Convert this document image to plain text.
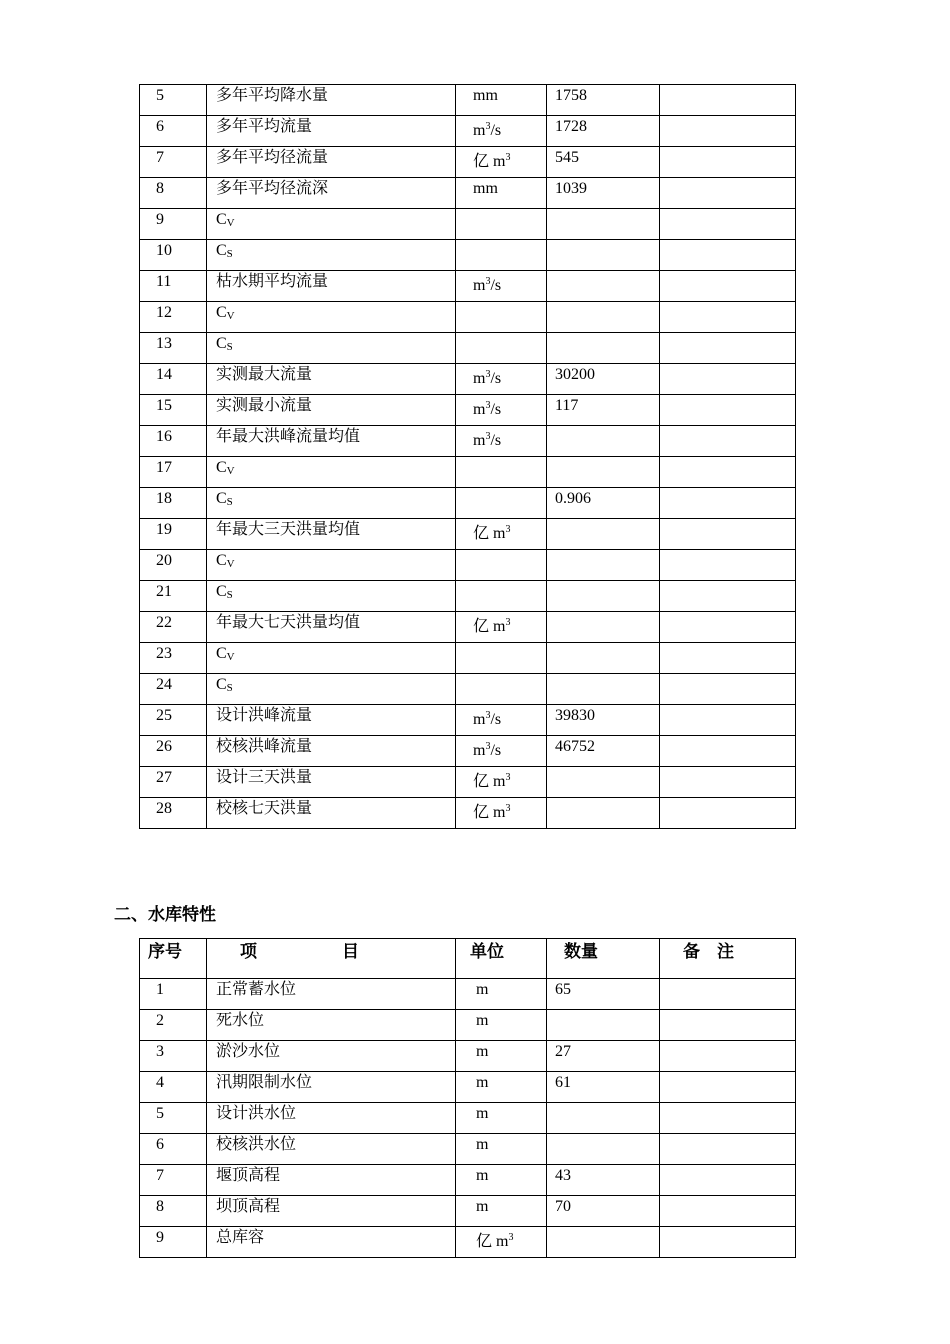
5	多年平均降水量	mm	1758	
6	多年平均流量	$m^3/s$	1728	
7	多年平均径流量	亿 $m^3$	545	
8	多年平均径流深	mm	1039	
9	CV			
10	CS			
11	枯水期平均流量	$m^3/s$		
12	CV			
13	CS			
14	实测最大流量	$m^3/s$	30200	
15	实测最小流量	$m^3/s$	117	
16	年最大洪峰流量均值	$m^3/s$		
17	CV			
18	CS		0.906	
19	年最大三天洪量均值	亿 $m^3$		
20	CV			
21	CS			
22	年最大七天洪量均值	亿 $m^3$		
23	CV			
24	CS			
25	设计洪峰流量	$m^3/s$	39830	
26	校核洪峰流量	$m^3/s$	46752	
27	设计三天洪量	亿 $m^3$		
28	校核七天洪量	亿 $m^3$		
二、水库特性
序号	项　　　　　目	单位	数量	备　注
1	正常蓄水位	m	65	
2	死水位	m		
3	淤沙水位	m	27	
4	汛期限制水位	m	61	
5	设计洪水位	m		
6	校核洪水位	m		
7	堰顶高程	m	43	
8	坝顶高程	m	70	
9	总库容	亿 $m^3$		
